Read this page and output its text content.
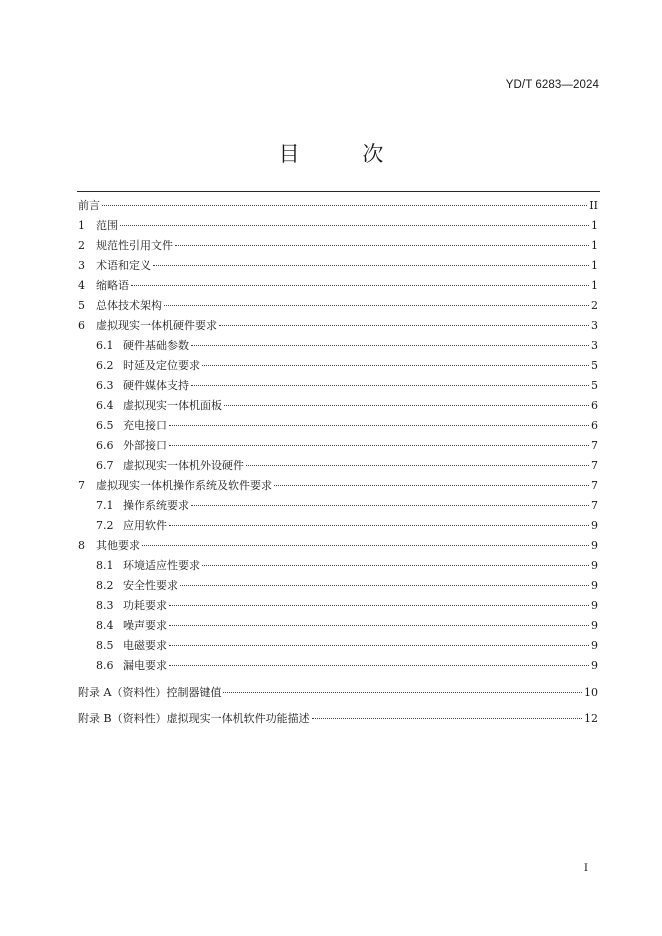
YD/T 6283—2024
目 次
前言	II
1	范围	1
2	规范性引用文件	1
3	术语和定义	1
4	缩略语	1
5	总体技术架构	2
6	虚拟现实一体机硬件要求	3
6.1 硬件基础参数	3
6.2 时延及定位要求	5
6.3 硬件媒体支持	5
6.4 虚拟现实一体机面板	6
6.5 充电接口	6
6.6 外部接口	7
6.7 虚拟现实一体机外设硬件	7
7	虚拟现实一体机操作系统及软件要求	7
7.1 操作系统要求	7
7.2 应用软件	9
8	其他要求	9
8.1 环境适应性要求	9
8.2 安全性要求	9
8.3 功耗要求	9
8.4 噪声要求	9
8.5 电磁要求	9
8.6 漏电要求	9
附录 A（资料性）控制器键值	10
附录 B（资料性）虚拟现实一体机软件功能描述	12
I
